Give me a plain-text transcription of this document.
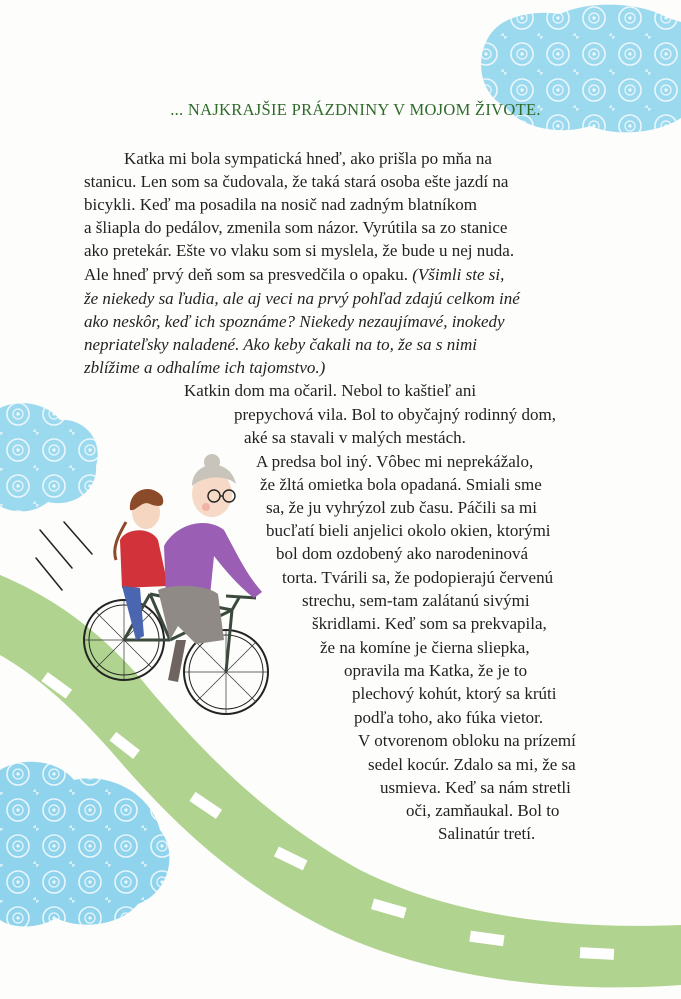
... NAJKRAJŠIE PRÁZDNINY V MOJOM ŽIVOTE.
Katka mi bola sympatická hneď, ako prišla po mňa na
stanicu. Len som sa čudovala, že taká stará osoba ešte jazdí na
bicykli. Keď ma posadila na nosič nad zadným blatníkom
a šliapla do pedálov, zmenila som názor. Vyrútila sa zo stanice
ako pretekár. Ešte vo vlaku som si myslela, že bude u nej nuda.
Ale hneď prvý deň som sa presvedčila o opaku. (Všimli ste si,
že niekedy sa ľudia, ale aj veci na prvý pohľad zdajú celkom iné
ako neskôr, keď ich spoznáme? Niekedy nezaujímavé, inokedy
nepriateľsky naladené. Ako keby čakali na to, že sa s nimi
zblížime a odhalíme ich tajomstvo.)
Katkin dom ma očaril. Nebol to kaštieľ ani
prepychová vila. Bol to obyčajný rodinný dom,
aké sa stavali v malých mestách.
A predsa bol iný. Vôbec mi neprekážalo,
že žltá omietka bola opadaná. Smiali sme
sa, že ju vyhrýzol zub času. Páčili sa mi
bucľatí bieli anjelici okolo okien, ktorými
bol dom ozdobený ako narodeninová
torta. Tvárili sa, že podopierajú červenú
strechu, sem-tam zalátanú sivými
škridlami. Keď som sa prekvapila,
že na komíne je čierna sliepka,
opravila ma Katka, že je to
plechový kohút, ktorý sa krúti
podľa toho, ako fúka vietor.
V otvorenom obloku na prízemí
sedel kocúr. Zdalo sa mi, že sa
usmieva. Keď sa nám stretli
oči, zamňaukal. Bol to
Salinatúr tretí.
